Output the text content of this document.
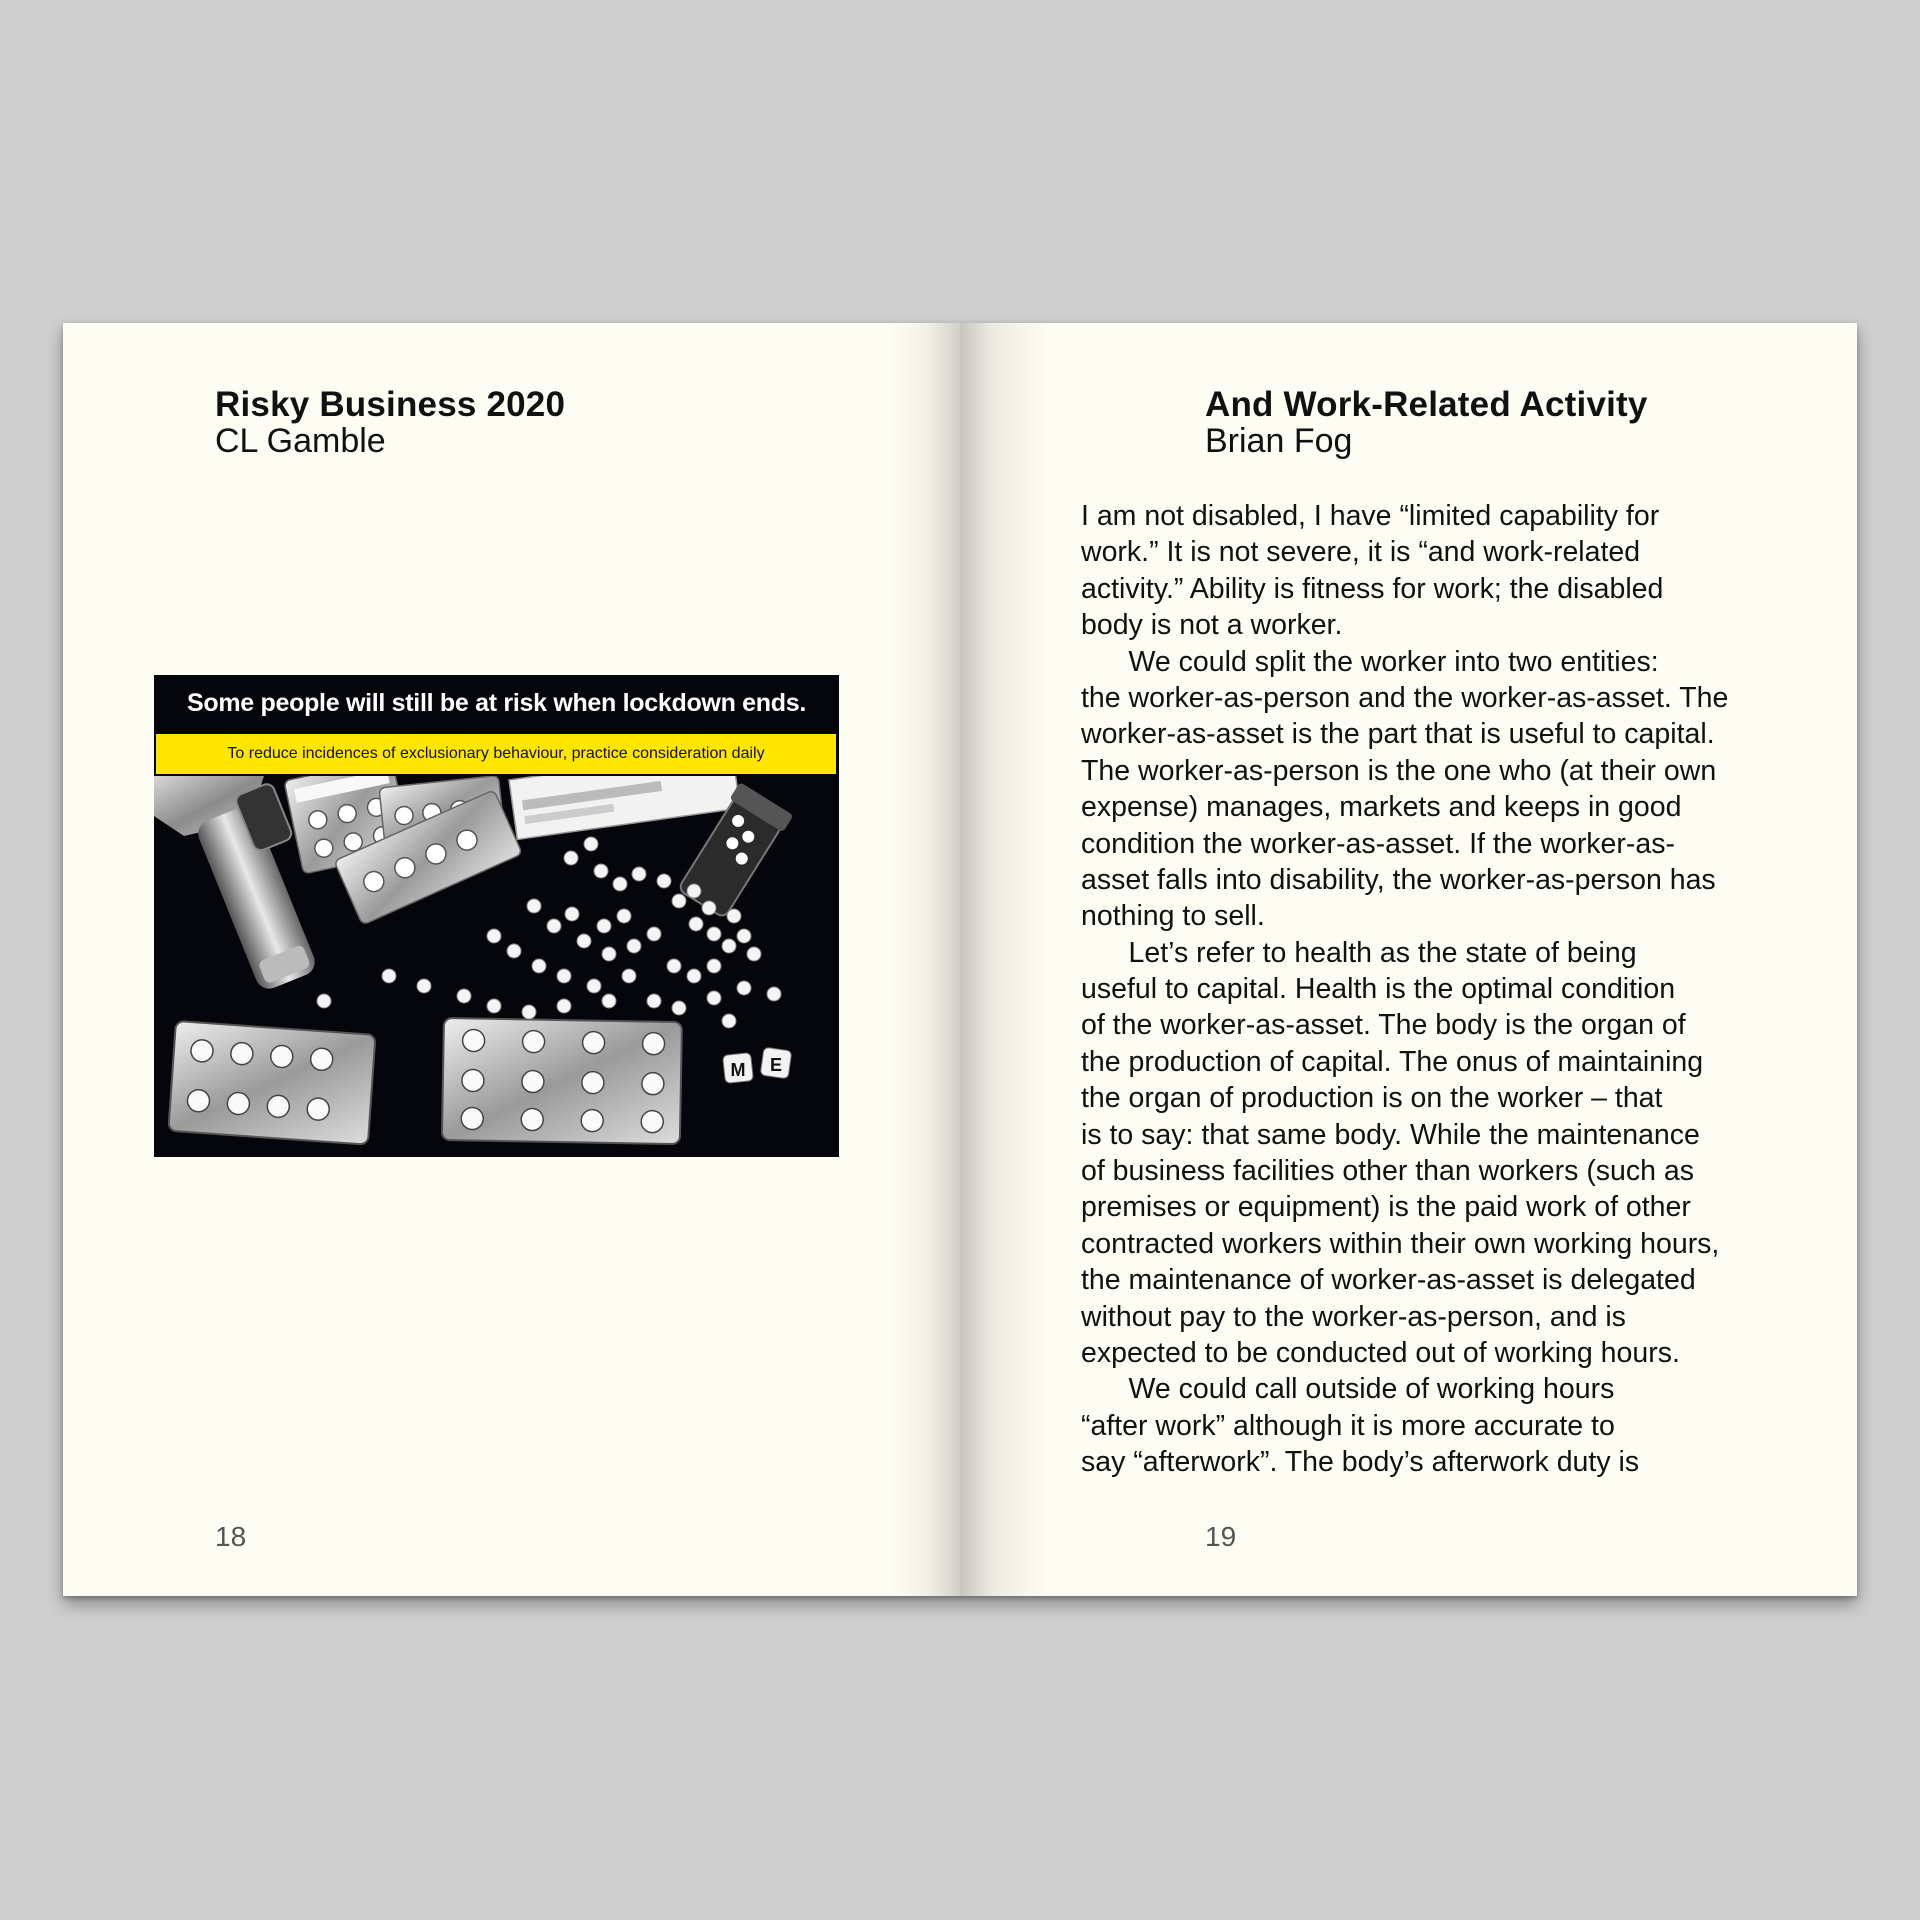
Risky Business 2020
CL Gamble
Some people will still be at risk when lockdown ends.
To reduce incidences of exclusionary behaviour, practice consideration daily
M E
18
And Work-Related Activity
Brian Fog
19
I am not disabled, I have “limited capability for
work.” It is not severe, it is “and work-related
activity.” Ability is fitness for work; the disabled
body is not a worker.
We could split the worker into two entities:
the worker-as-person and the worker-as-asset. The
worker-as-asset is the part that is useful to capital.
The worker-as-person is the one who (at their own
expense) manages, markets and keeps in good
condition the worker-as-asset. If the worker-as-
asset falls into disability, the worker-as-person has
nothing to sell.
Let’s refer to health as the state of being
useful to capital. Health is the optimal condition
of the worker-as-asset. The body is the organ of
the production of capital. The onus of maintaining
the organ of production is on the worker – that
is to say: that same body. While the maintenance
of business facilities other than workers (such as
premises or equipment) is the paid work of other
contracted workers within their own working hours,
the maintenance of worker-as-asset is delegated
without pay to the worker-as-person, and is
expected to be conducted out of working hours.
We could call outside of working hours
“after work” although it is more accurate to
say “afterwork”. The body’s afterwork duty is
